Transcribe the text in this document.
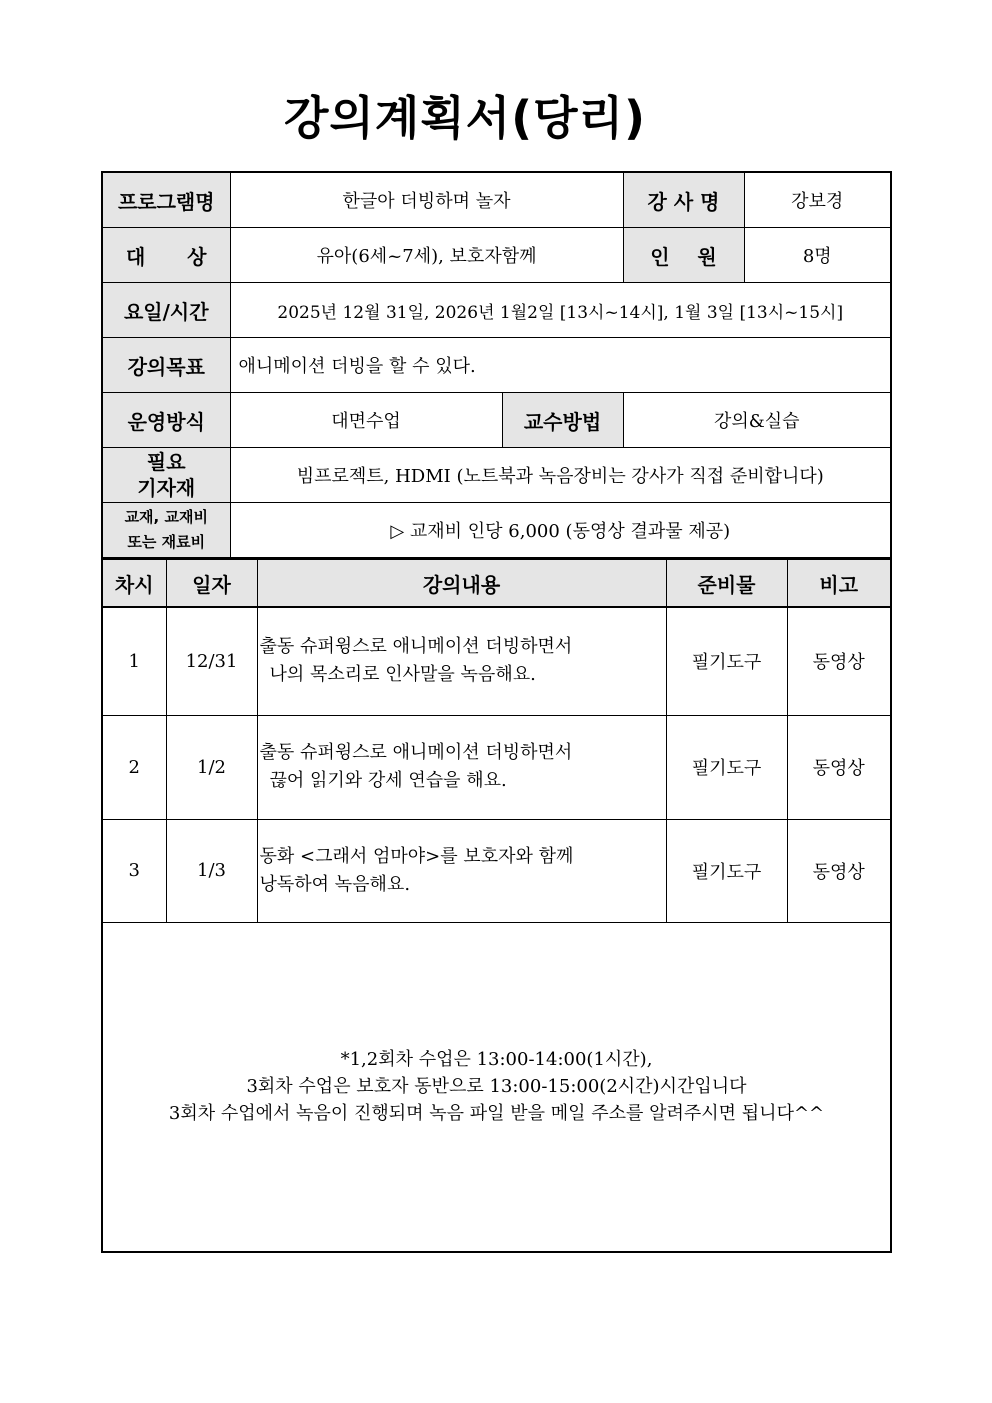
강의계획서(당리)
프로그램명	한글아 더빙하며 놀자		강 사 명	강보경
대      상	유아(6세~7세), 보호자함께		인    원	8명
요일/시간	2025년 12월 31일, 2026년 1월2일 [13시~14시], 1월 3일 [13시~15시]			
강의목표	애니메이션 더빙을 할 수 있다.			
운영방식	대면수업	교수방법	강의&실습	

필요
기자재	빔프로젝트, HDMI (노트북과 녹음장비는 강사가 직접 준비합니다)			

교재, 교재비
또는 재료비	▷ 교재비 인당 6,000 (동영상 결과물 제공)			
차시	일자	강의내용	준비물	비고
1	12/31	출동 슈퍼윙스로 애니메이션 더빙하면서
나의 목소리로 인사말을 녹음해요.	필기도구	동영상
2	1/2	출동 슈퍼윙스로 애니메이션 더빙하면서
끊어 읽기와 강세 연습을 해요.	필기도구	동영상
3	1/3	동화 <그래서 엄마야>를 보호자와 함께
낭독하여 녹음해요.	필기도구	동영상

*1,2회차 수업은 13:00-14:00(1시간),
3회차 수업은 보호자 동반으로 13:00-15:00(2시간)시간입니다
3회차 수업에서 녹음이 진행되며 녹음 파일 받을 메일 주소를 알려주시면 됩니다^^				
